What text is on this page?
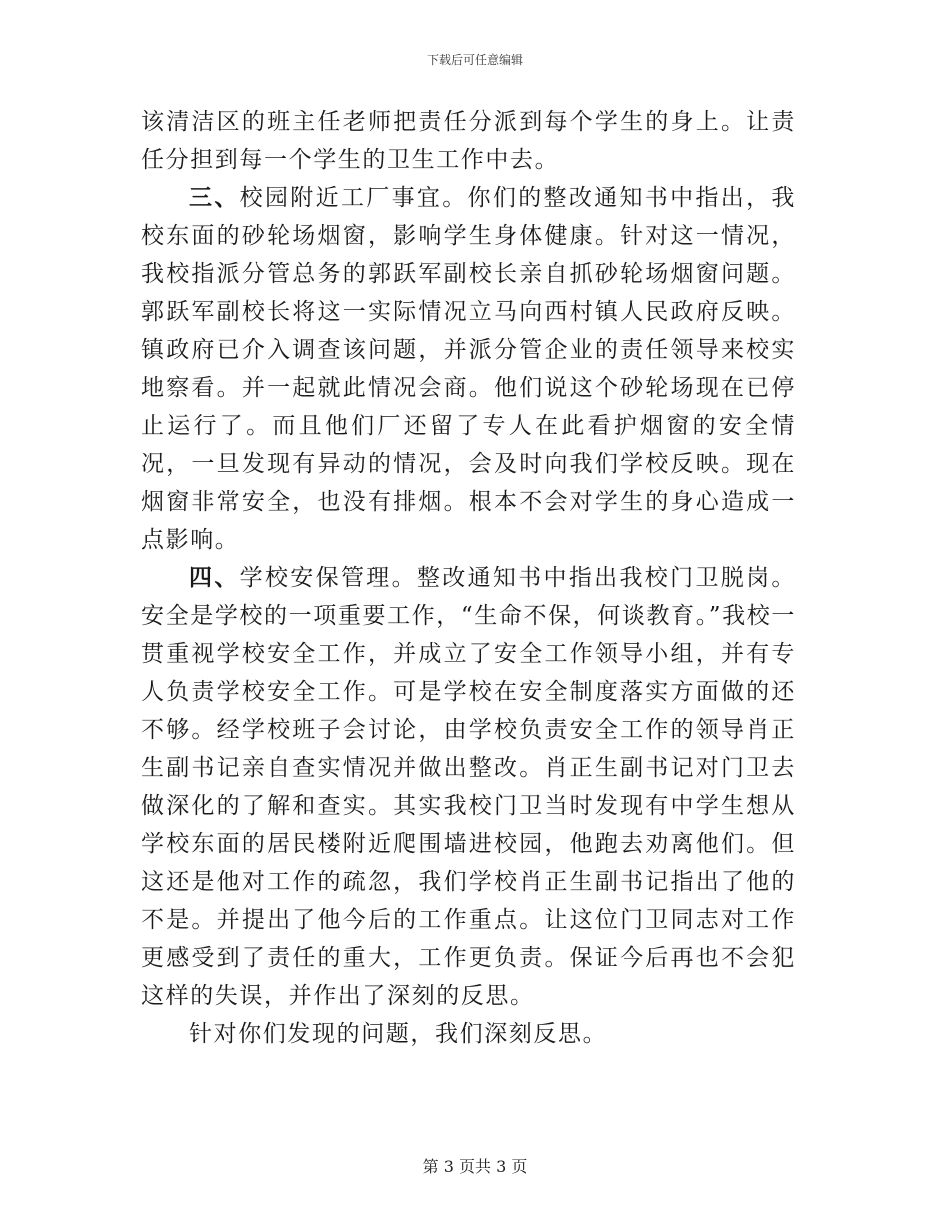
下载后可任意编辑

该清洁区的班主任老师把责任分派到每个学生的身上。让责任分担到每一个学生的卫生工作中去。

三、校园附近工厂事宜。你们的整改通知书中指出，我校东面的砂轮场烟窗，影响学生身体健康。针对这一情况，我校指派分管总务的郭跃军副校长亲自抓砂轮场烟窗问题。郭跃军副校长将这一实际情况立马向西村镇人民政府反映。镇政府已介入调查该问题，并派分管企业的责任领导来校实地察看。并一起就此情况会商。他们说这个砂轮场现在已停止运行了。而且他们厂还留了专人在此看护烟窗的安全情况，一旦发现有异动的情况，会及时向我们学校反映。现在烟窗非常安全，也没有排烟。根本不会对学生的身心造成一点影响。

四、学校安保管理。整改通知书中指出我校门卫脱岗。安全是学校的一项重要工作，“生命不保，何谈教育。”我校一贯重视学校安全工作，并成立了安全工作领导小组，并有专人负责学校安全工作。可是学校在安全制度落实方面做的还不够。经学校班子会讨论，由学校负责安全工作的领导肖正生副书记亲自查实情况并做出整改。肖正生副书记对门卫去做深化的了解和查实。其实我校门卫当时发现有中学生想从学校东面的居民楼附近爬围墙进校园，他跑去劝离他们。但这还是他对工作的疏忽，我们学校肖正生副书记指出了他的不是。并提出了他今后的工作重点。让这位门卫同志对工作更感受到了责任的重大，工作更负责。保证今后再也不会犯这样的失误，并作出了深刻的反思。

针对你们发现的问题，我们深刻反思。

第 3 页共 3 页
